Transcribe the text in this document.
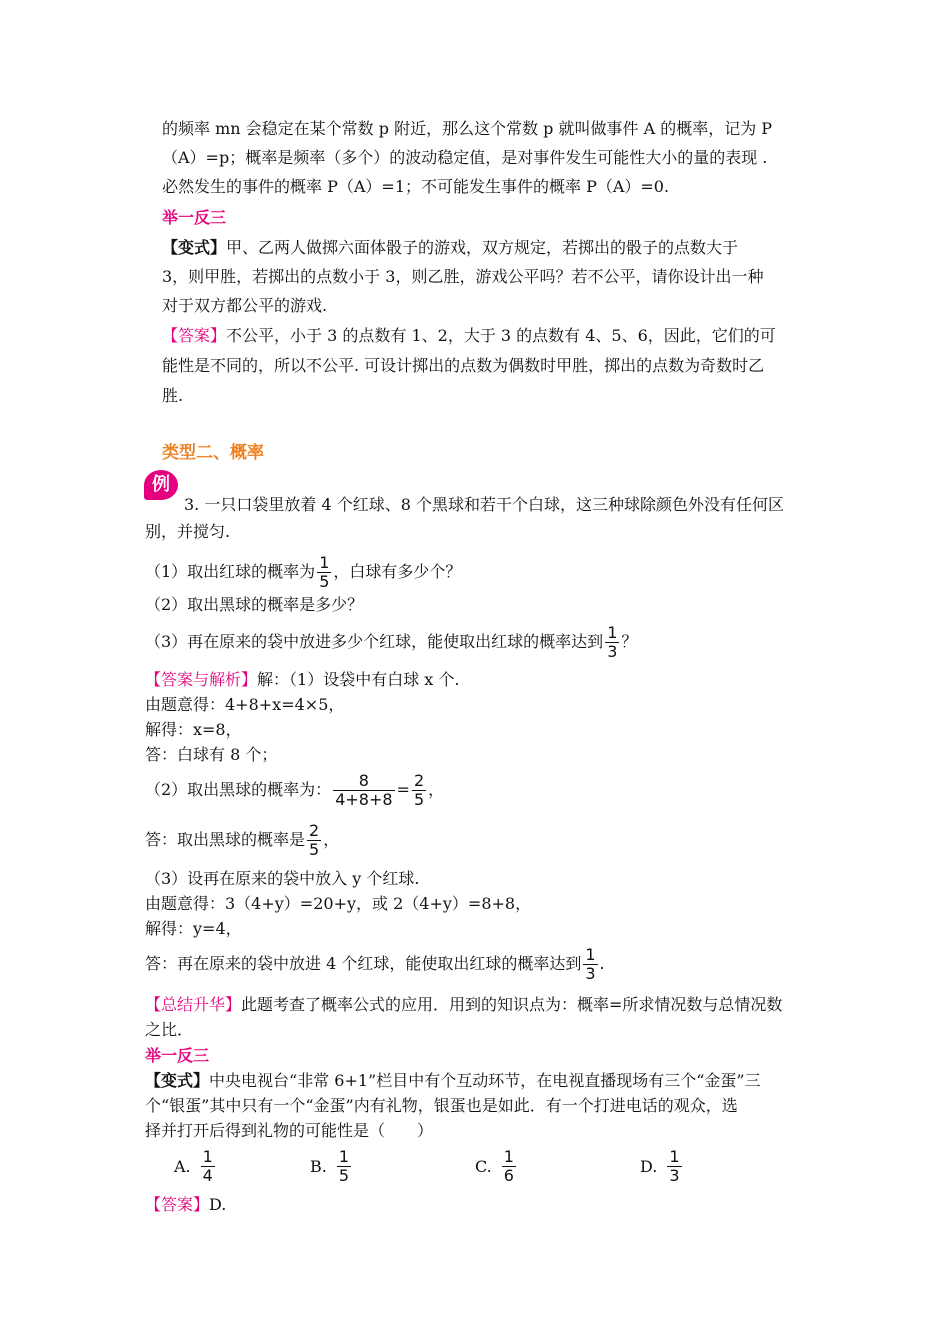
的频率 mn 会稳定在某个常数 p 附近，那么这个常数 p 就叫做事件 A 的概率，记为 P
（A）=p；概率是频率（多个）的波动稳定值，是对事件发生可能性大小的量的表现 .
必然发生的事件的概率 P（A）=1；不可能发生事件的概率 P（A）=0.
举一反三
【变式】甲、乙两人做掷六面体骰子的游戏，双方规定，若掷出的骰子的点数大于
3，则甲胜，若掷出的点数小于 3，则乙胜，游戏公平吗？若不公平，请你设计出一种
对于双方都公平的游戏.
【答案】不公平，小于 3 的点数有 1、2，大于 3 的点数有 4、5、6，因此，它们的可
能性是不同的，所以不公平. 可设计掷出的点数为偶数时甲胜，掷出的点数为奇数时乙
胜.
类型二、概率
例
3. 一只口袋里放着 4 个红球、8 个黑球和若干个白球，这三种球除颜色外没有任何区
别，并搅匀.
（1）取出红球的概率为 $\frac{1}{5}$ ，白球有多少个？
（2）取出黑球的概率是多少？
（3）再在原来的袋中放进多少个红球，能使取出红球的概率达到 $\frac{1}{3}$ ？
【答案与解析】解：（1）设袋中有白球 x 个.
由题意得：4+8+x=4×5，
解得：x=8，
答：白球有 8 个；
（2）取出黑球的概率为： $\frac{8}{4+8+8} = \frac{2}{5}$ ，
答：取出黑球的概率是 $\frac{2}{5}$ ，
（3）设再在原来的袋中放入 y 个红球.
由题意得：3（4+y）=20+y，或 2（4+y）=8+8，
解得：y=4，
答：再在原来的袋中放进 4 个红球，能使取出红球的概率达到 $\frac{1}{3}$ .
【总结升华】此题考查了概率公式的应用．用到的知识点为：概率=所求情况数与总情况数
之比．
举一反三
【变式】中央电视台“非常 6+1”栏目中有个互动环节，在电视直播现场有三个“金蛋”三
个“银蛋”其中只有一个“金蛋”内有礼物，银蛋也是如此．有一个打进电话的观众，选
择并打开后得到礼物的可能性是（　　）
A. $\frac{1}{4}$	B. $\frac{1}{5}$	C. $\frac{1}{6}$	D. $\frac{1}{3}$
【答案】D.
